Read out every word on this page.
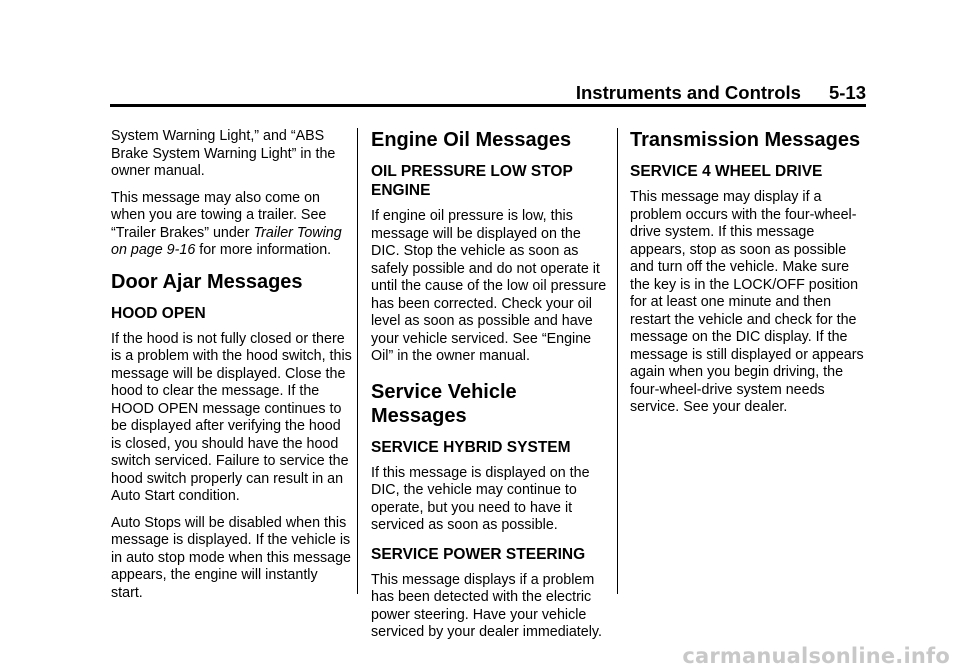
Instruments and Controls 5-13

System Warning Light,” and “ABS Brake System Warning Light” in the owner manual.

This message may also come on when you are towing a trailer. See “Trailer Brakes” under Trailer Towing on page 9-16 for more information.

Door Ajar Messages
HOOD OPEN

If the hood is not fully closed or there is a problem with the hood switch, this message will be displayed. Close the hood to clear the message. If the HOOD OPEN message continues to be displayed after verifying the hood is closed, you should have the hood switch serviced. Failure to service the hood switch properly can result in an Auto Start condition.

Auto Stops will be disabled when this message is displayed. If the vehicle is in auto stop mode when this message appears, the engine will instantly start.

Engine Oil Messages
OIL PRESSURE LOW STOP ENGINE

If engine oil pressure is low, this message will be displayed on the DIC. Stop the vehicle as soon as safely possible and do not operate it until the cause of the low oil pressure has been corrected. Check your oil level as soon as possible and have your vehicle serviced. See “Engine Oil” in the owner manual.

Service Vehicle Messages
SERVICE HYBRID SYSTEM

If this message is displayed on the DIC, the vehicle may continue to operate, but you need to have it serviced as soon as possible.

SERVICE POWER STEERING

This message displays if a problem has been detected with the electric power steering. Have your vehicle serviced by your dealer immediately.

Transmission Messages
SERVICE 4 WHEEL DRIVE

This message may display if a problem occurs with the four-wheel-drive system. If this message appears, stop as soon as possible and turn off the vehicle. Make sure the key is in the LOCK/OFF position for at least one minute and then restart the vehicle and check for the message on the DIC display. If the message is still displayed or appears again when you begin driving, the four-wheel-drive system needs service. See your dealer.

carmanualsonline.info
